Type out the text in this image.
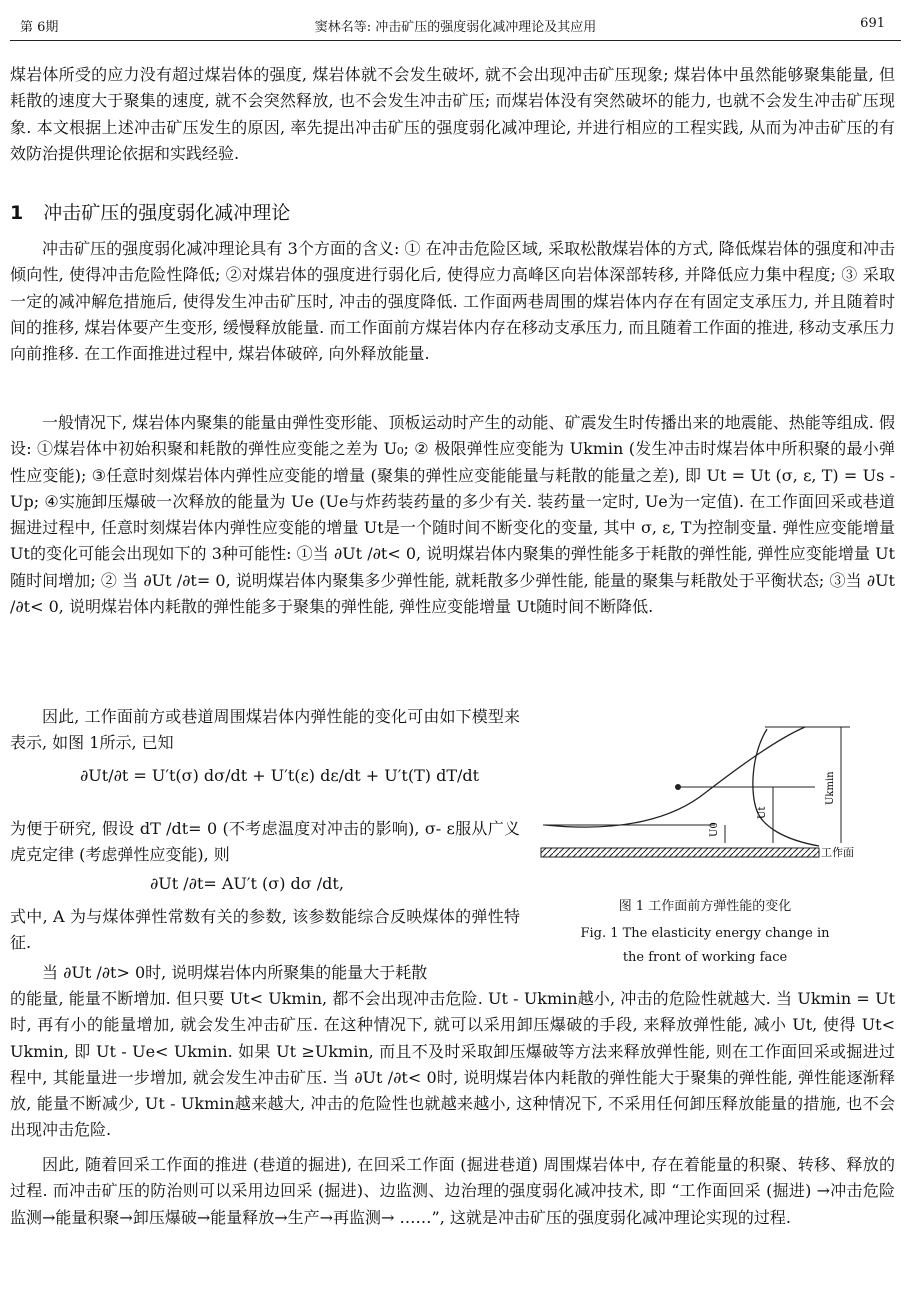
第 6期	窦林名等: 冲击矿压的强度弱化减冲理论及其应用	691

煤岩体所受的应力没有超过煤岩体的强度, 煤岩体就不会发生破坏, 就不会出现冲击矿压现象; 煤岩体中虽然能够聚集能量, 但耗散的速度大于聚集的速度, 就不会突然释放, 也不会发生冲击矿压; 而煤岩体没有突然破坏的能力, 也就不会发生冲击矿压现象. 本文根据上述冲击矿压发生的原因, 率先提出冲击矿压的强度弱化减冲理论, 并进行相应的工程实践, 从而为冲击矿压的有效防治提供理论依据和实践经验.

1 冲击矿压的强度弱化减冲理论

冲击矿压的强度弱化减冲理论具有 3个方面的含义: ① 在冲击危险区域, 采取松散煤岩体的方式, 降低煤岩体的强度和冲击倾向性, 使得冲击危险性降低; ②对煤岩体的强度进行弱化后, 使得应力高峰区向岩体深部转移, 并降低应力集中程度; ③ 采取一定的减冲解危措施后, 使得发生冲击矿压时, 冲击的强度降低. 工作面两巷周围的煤岩体内存在有固定支承压力, 并且随着时间的推移, 煤岩体要产生变形, 缓慢释放能量. 而工作面前方煤岩体内存在移动支承压力, 而且随着工作面的推进, 移动支承压力向前推移. 在工作面推进过程中, 煤岩体破碎, 向外释放能量.

一般情况下, 煤岩体内聚集的能量由弹性变形能、顶板运动时产生的动能、矿震发生时传播出来的地震能、热能等组成. 假设: ①煤岩体中初始积聚和耗散的弹性应变能之差为 U₀; ② 极限弹性应变能为 Ukmin (发生冲击时煤岩体中所积聚的最小弹性应变能); ③任意时刻煤岩体内弹性应变能的增量 (聚集的弹性应变能能量与耗散的能量之差), 即 Ut = Ut (σ, ε, T) = Us - Up; ④实施卸压爆破一次释放的能量为 Ue (Ue与炸药装药量的多少有关. 装药量一定时, Ue为一定值). 在工作面回采或巷道掘进过程中, 任意时刻煤岩体内弹性应变能的增量 Ut是一个随时间不断变化的变量, 其中 σ, ε, T为控制变量. 弹性应变能增量 Ut的变化可能会出现如下的 3种可能性: ①当 ∂Ut /∂t< 0, 说明煤岩体内聚集的弹性能多于耗散的弹性能, 弹性应变能增量 Ut随时间增加; ② 当 ∂Ut /∂t= 0, 说明煤岩体内聚集多少弹性能, 就耗散多少弹性能, 能量的聚集与耗散处于平衡状态; ③当 ∂Ut /∂t< 0, 说明煤岩体内耗散的弹性能多于聚集的弹性能, 弹性应变能增量 Ut随时间不断降低.

因此, 工作面前方或巷道周围煤岩体内弹性能的变化可由如下模型来表示, 如图 1所示, 已知

∂Ut/∂t = U′t(σ) dσ/dt + U′t(ε) dε/dt + U′t(T) dT/dt

为便于研究, 假设 dT /dt= 0 (不考虑温度对冲击的影响), σ- ε服从广义虎克定律 (考虑弹性应变能), 则

∂Ut /∂t= AU′t (σ) dσ /dt,

式中, A 为与煤体弹性常数有关的参数, 该参数能综合反映煤体的弹性特征.

当 ∂Ut /∂t> 0时, 说明煤岩体内所聚集的能量大于耗散

的能量, 能量不断增加. 但只要 Ut< Ukmin, 都不会出现冲击危险. Ut - Ukmin越小, 冲击的危险性就越大. 当 Ukmin = Ut时, 再有小的能量增加, 就会发生冲击矿压. 在这种情况下, 就可以采用卸压爆破的手段, 来释放弹性能, 减小 Ut, 使得 Ut< Ukmin, 即 Ut - Ue< Ukmin. 如果 Ut ≥Ukmin, 而且不及时采取卸压爆破等方法来释放弹性能, 则在工作面回采或掘进过程中, 其能量进一步增加, 就会发生冲击矿压. 当 ∂Ut /∂t< 0时, 说明煤岩体内耗散的弹性能大于聚集的弹性能, 弹性能逐渐释放, 能量不断减少, Ut - Ukmin越来越大, 冲击的危险性也就越来越小, 这种情况下, 不采用任何卸压释放能量的措施, 也不会出现冲击危险.

因此, 随着回采工作面的推进 (巷道的掘进), 在回采工作面 (掘进巷道) 周围煤岩体中, 存在着能量的积聚、转移、释放的过程. 而冲击矿压的防治则可以采用边回采 (掘进)、边监测、边治理的强度弱化减冲技术, 即 “工作面回采 (掘进) →冲击危险监测→能量积聚→卸压爆破→能量释放→生产→再监测→ ……”, 这就是冲击矿压的强度弱化减冲理论实现的过程.

U0
Ut
Ukmin
工作面
图 1 工作面前方弹性能的变化
Fig. 1 The elasticity energy change in
the front of working face
